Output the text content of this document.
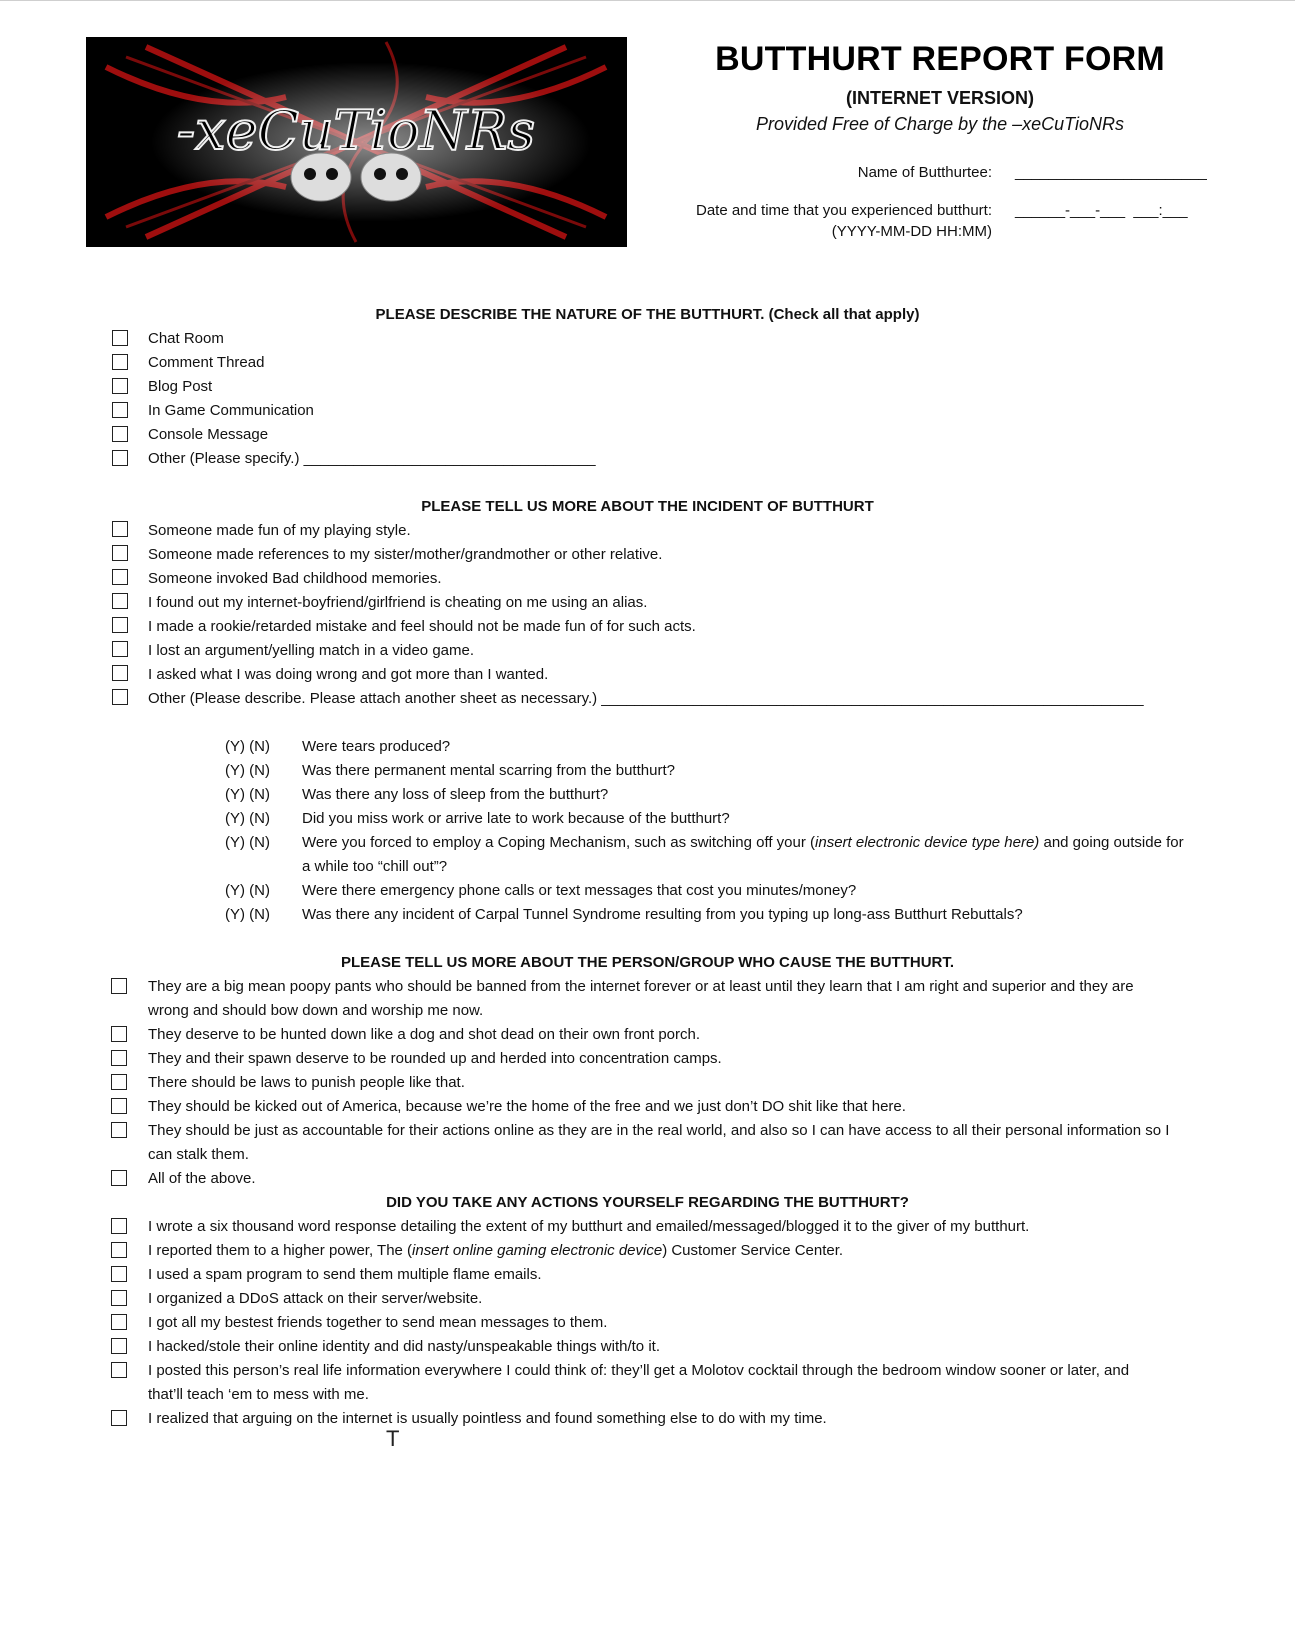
-xeCuTioNRs
BUTTHURT REPORT FORM
(INTERNET VERSION)
Provided Free of Charge by the –xeCuTioNRs
Name of Butthurtee: _______________________
Date and time that you experienced butthurt: ______-___-___  ___:___
(YYYY-MM-DD HH:MM)
PLEASE DESCRIBE THE NATURE OF THE BUTTHURT. (Check all that apply)
Chat Room
Comment Thread
Blog Post
In Game Communication
Console Message
Other (Please specify.) ___________________________________
PLEASE TELL US MORE ABOUT THE INCIDENT OF BUTTHURT
Someone made fun of my playing style.
Someone made references to my sister/mother/grandmother or other relative.
Someone invoked Bad childhood memories.
I found out my internet-boyfriend/girlfriend is cheating on me using an alias.
I made a rookie/retarded mistake and feel should not be made fun of for such acts.
I lost an argument/yelling match in a video game.
I asked what I was doing wrong and got more than I wanted.
Other (Please describe. Please attach another sheet as necessary.) _________________________________________________________________
(Y) (N) Were tears produced?
(Y) (N) Was there permanent mental scarring from the butthurt?
(Y) (N) Was there any loss of sleep from the butthurt?
(Y) (N) Did you miss work or arrive late to work because of the butthurt?
(Y) (N) Were you forced to employ a Coping Mechanism, such as switching off your (insert electronic device type here) and going outside for
a while too “chill out”?
(Y) (N) Were there emergency phone calls or text messages that cost you minutes/money?
(Y) (N) Was there any incident of Carpal Tunnel Syndrome resulting from you typing up long-ass Butthurt Rebuttals?
PLEASE TELL US MORE ABOUT THE PERSON/GROUP WHO CAUSE THE BUTTHURT.
They are a big mean poopy pants who should be banned from the internet forever or at least until they learn that I am right and superior and they are
wrong and should bow down and worship me now.
They deserve to be hunted down like a dog and shot dead on their own front porch.
They and their spawn deserve to be rounded up and herded into concentration camps.
There should be laws to punish people like that.
They should be kicked out of America, because we’re the home of the free and we just don’t DO shit like that here.
They should be just as accountable for their actions online as they are in the real world, and also so I can have access to all their personal information so I
can stalk them.
All of the above.
DID YOU TAKE ANY ACTIONS YOURSELF REGARDING THE BUTTHURT?
I wrote a six thousand word response detailing the extent of my butthurt and emailed/messaged/blogged it to the giver of my butthurt.
I reported them to a higher power, The (insert online gaming electronic device) Customer Service Center.
I used a spam program to send them multiple flame emails.
I organized a DDoS attack on their server/website.
I got all my bestest friends together to send mean messages to them.
I hacked/stole their online identity and did nasty/unspeakable things with/to it.
I posted this person’s real life information everywhere I could think of: they’ll get a Molotov cocktail through the bedroom window sooner or later, and
that’ll teach ‘em to mess with me.
I realized that arguing on the internet is usually pointless and found something else to do with my time.
T
